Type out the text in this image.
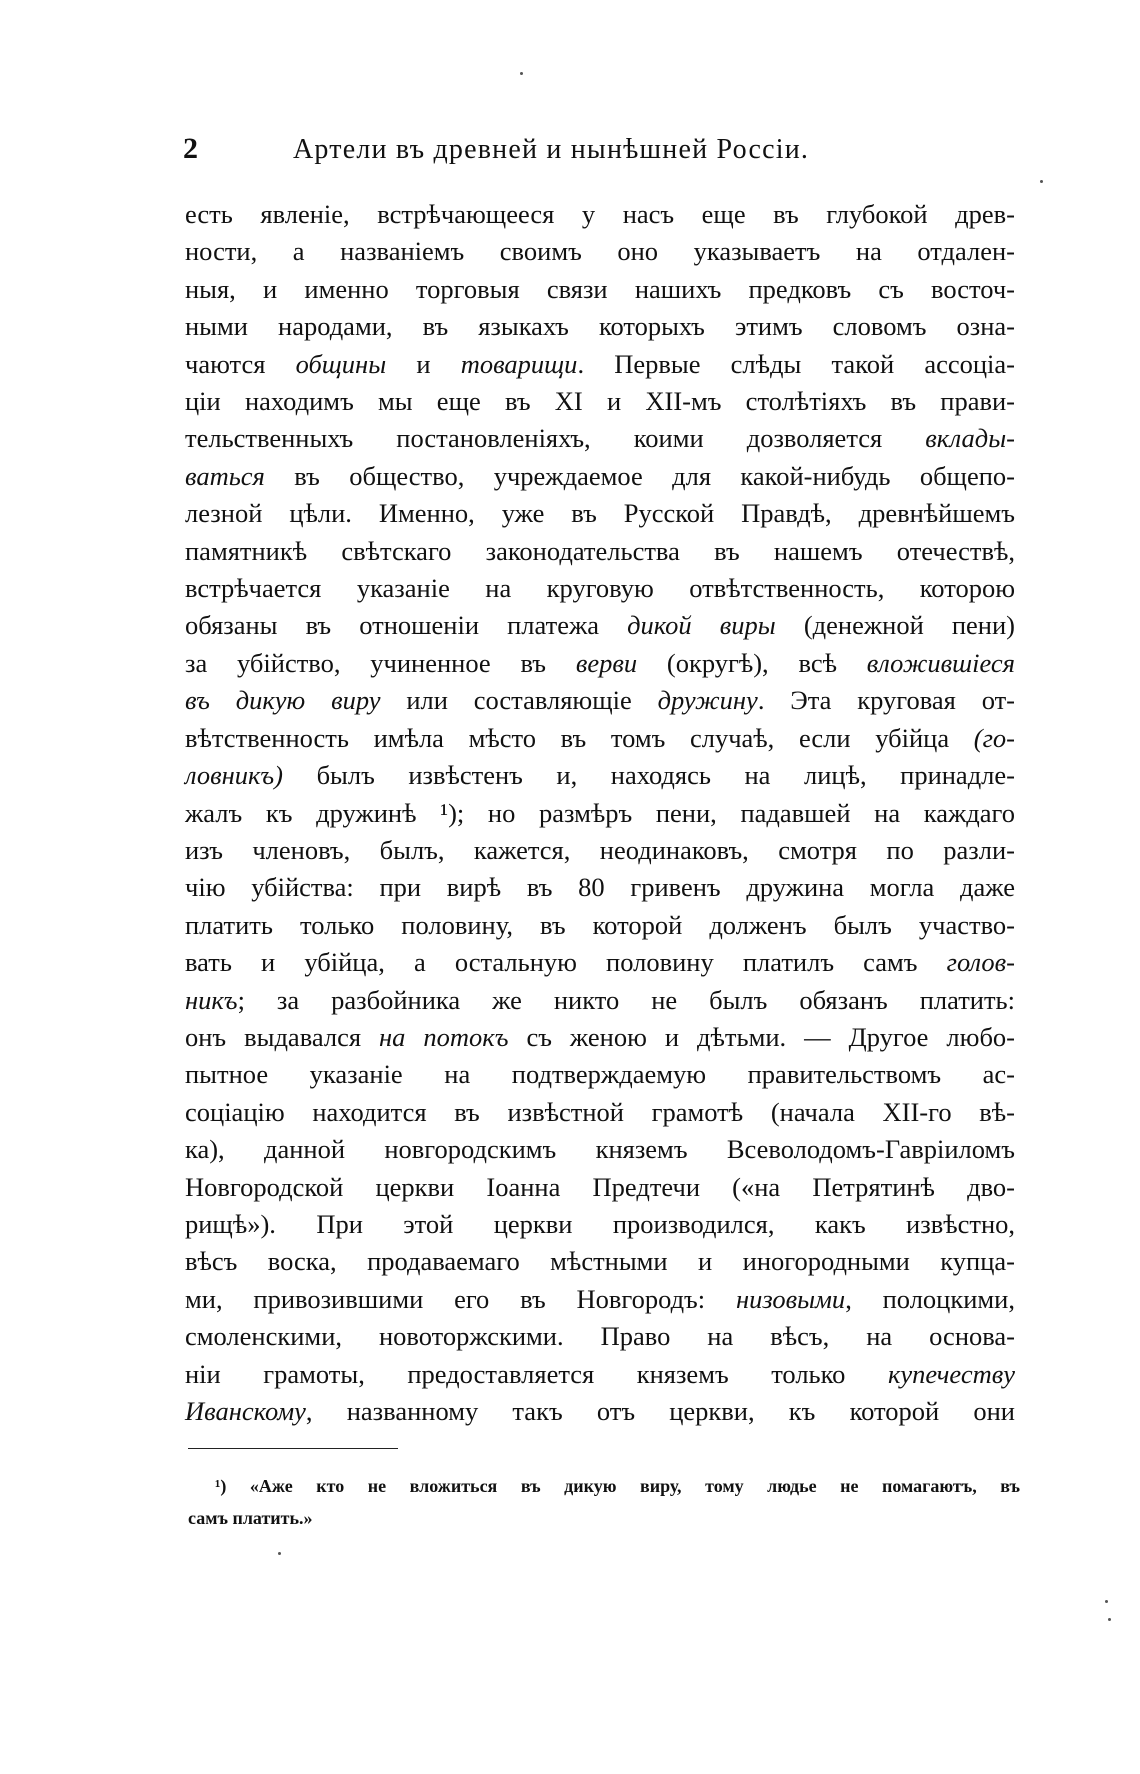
2	Артели въ древней и нынѣшней Россіи.
есть явленіе, встрѣчающееся у насъ еще въ глубокой древ-
ности, а названіемъ своимъ оно указываетъ на отдален-
ныя, и именно торговыя связи нашихъ предковъ съ восточ-
ными народами, въ языкахъ которыхъ этимъ словомъ озна-
чаются общины и товарищи. Первые слѣды такой ассоціа-
ціи находимъ мы еще въ XI и XII-мъ столѣтіяхъ въ прави-
тельственныхъ постановленіяхъ, коими дозволяется вклады-
ваться въ общество, учреждаемое для какой-нибудь общепо-
лезной цѣли. Именно, уже въ Русской Правдѣ, древнѣйшемъ
памятникѣ свѣтскаго законодательства въ нашемъ отечествѣ,
встрѣчается указаніе на круговую отвѣтственность, которою
обязаны въ отношеніи платежа дикой виры (денежной пени)
за убійство, учиненное въ верви (округѣ), всѣ вложившіеся
въ дикую виру или составляющіе дружину. Эта круговая от-
вѣтственность имѣла мѣсто въ томъ случаѣ, если убійца (го-
ловникъ) былъ извѣстенъ и, находясь на лицѣ, принадле-
жалъ къ дружинѣ ¹); но размѣръ пени, падавшей на каждаго
изъ членовъ, былъ, кажется, неодинаковъ, смотря по разли-
чію убійства: при вирѣ въ 80 гривенъ дружина могла даже
платить только половину, въ которой долженъ былъ участво-
вать и убійца, а остальную половину платилъ самъ голов-
никъ; за разбойника же никто не былъ обязанъ платить:
онъ выдавался на потокъ съ женою и дѣтьми. — Другое любо-
пытное указаніе на подтверждаемую правительствомъ ас-
соціацію находится въ извѣстной грамотѣ (начала XII-го вѣ-
ка), данной новгородскимъ княземъ Всеволодомъ-Гавріиломъ
Новгородской церкви Іоанна Предтечи («на Петрятинѣ дво-
рищѣ»). При этой церкви производился, какъ извѣстно,
вѣсъ воска, продаваемаго мѣстными и иногородными купца-
ми, привозившими его въ Новгородъ: низовыми, полоцкими,
смоленскими, новоторжскими. Право на вѣсъ, на основа-
ніи грамоты, предоставляется княземъ только купечеству
Иванскому, названному такъ отъ церкви, къ которой они
¹) «Аже кто не вложиться въ дикую виру, тому людье не помагаютъ, въ
самъ платить.»
